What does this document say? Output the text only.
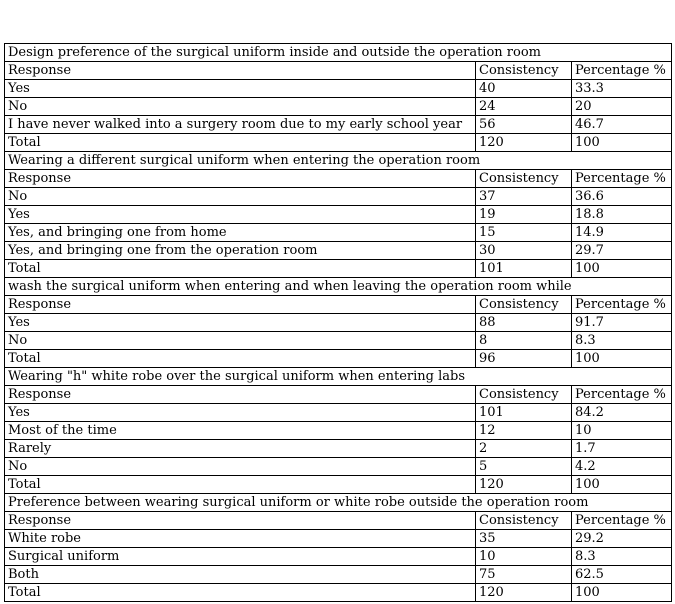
Design preference of the surgical uniform inside and outside the operation room		
Response	Consistency	Percentage %
Yes	40	33.3
No	24	20
I have never walked into a surgery room due to my early school year	56	46.7
Total	120	100
Wearing a different surgical uniform when entering the operation room		
Response	Consistency	Percentage %
No	37	36.6
Yes	19	18.8
Yes, and bringing one from home	15	14.9
Yes, and bringing one from the operation room	30	29.7
Total	101	100
wash the surgical uniform when entering and when leaving the operation room while		
Response	Consistency	Percentage %
Yes	88	91.7
No	8	8.3
Total	96	100
Wearing "h" white robe over the surgical uniform when entering labs		
Response	Consistency	Percentage %
Yes	101	84.2
Most of the time	12	10
Rarely	2	1.7
No	5	4.2
Total	120	100
Preference between wearing surgical uniform or white robe outside the operation room		
Response	Consistency	Percentage %
White robe	35	29.2
Surgical uniform	10	8.3
Both	75	62.5
Total	120	100
